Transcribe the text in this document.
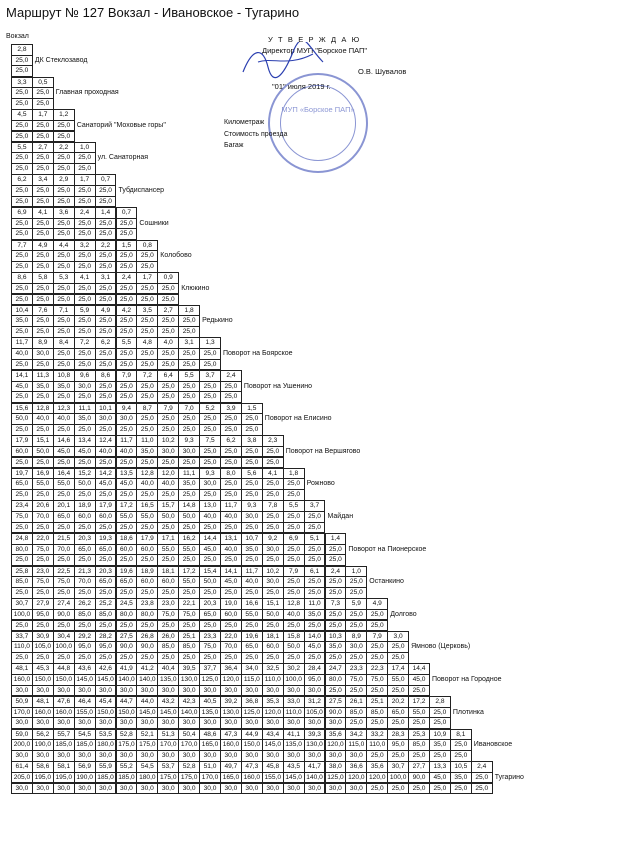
Маршрут № 127 Вокзал - Ивановское - Тугарино
Вокзал	У Т В Е Р Ж Д А Ю
Директор МУП "Борское ПАП"
О.В. Шувалов
"01" июля 2019 г.
МУП «Борское ПАП»
Километраж
Стоимость проезда
Багаж
2,8
25,0
25,0
ДК Стеклозавод
3,3	0,5
25,0	25,0
25,0	25,0
Главная проходная
4,5	1,7	1,2
25,0	25,0	25,0
25,0	25,0	25,0
Санаторий "Моховые горы"
5,5	2,7	2,2	1,0
25,0	25,0	25,0	25,0
25,0	25,0	25,0	25,0
ул. Санаторная
6,2	3,4	2,9	1,7	0,7
25,0	25,0	25,0	25,0	25,0
25,0	25,0	25,0	25,0	25,0
Тубдиспансер
6,9	4,1	3,6	2,4	1,4	0,7
25,0	25,0	25,0	25,0	25,0	25,0
25,0	25,0	25,0	25,0	25,0	25,0
Сошники
7,7	4,9	4,4	3,2	2,2	1,5	0,8
25,0	25,0	25,0	25,0	25,0	25,0	25,0
25,0	25,0	25,0	25,0	25,0	25,0	25,0
Колобово
8,6	5,8	5,3	4,1	3,1	2,4	1,7	0,9
25,0	25,0	25,0	25,0	25,0	25,0	25,0	25,0
25,0	25,0	25,0	25,0	25,0	25,0	25,0	25,0
Клюкино
10,4	7,6	7,1	5,9	4,9	4,2	3,5	2,7	1,8
35,0	25,0	25,0	25,0	25,0	25,0	25,0	25,0	25,0
25,0	25,0	25,0	25,0	25,0	25,0	25,0	25,0	25,0
Редькино
11,7	8,9	8,4	7,2	6,2	5,5	4,8	4,0	3,1	1,3
40,0	30,0	25,0	25,0	25,0	25,0	25,0	25,0	25,0	25,0
25,0	25,0	25,0	25,0	25,0	25,0	25,0	25,0	25,0	25,0
Поворот на Боярское
14,1	11,3	10,8	9,6	8,6	7,9	7,2	6,4	5,5	3,7	2,4
45,0	35,0	35,0	30,0	25,0	25,0	25,0	25,0	25,0	25,0	25,0
25,0	25,0	25,0	25,0	25,0	25,0	25,0	25,0	25,0	25,0	25,0
Поворот на Ушенино
15,6	12,8	12,3	11,1	10,1	9,4	8,7	7,9	7,0	5,2	3,9	1,5
50,0	40,0	40,0	35,0	30,0	30,0	25,0	25,0	25,0	25,0	25,0	25,0
25,0	25,0	25,0	25,0	25,0	25,0	25,0	25,0	25,0	25,0	25,0	25,0
Поворот на Елисино
17,9	15,1	14,6	13,4	12,4	11,7	11,0	10,2	9,3	7,5	6,2	3,8	2,3
60,0	50,0	45,0	45,0	40,0	40,0	35,0	30,0	30,0	25,0	25,0	25,0	25,0
25,0	25,0	25,0	25,0	25,0	25,0	25,0	25,0	25,0	25,0	25,0	25,0	25,0
Поворот на Вершягово
19,7	16,9	16,4	15,2	14,2	13,5	12,8	12,0	11,1	9,3	8,0	5,6	4,1	1,8
65,0	55,0	55,0	50,0	45,0	45,0	40,0	40,0	35,0	30,0	25,0	25,0	25,0	25,0
25,0	25,0	25,0	25,0	25,0	25,0	25,0	25,0	25,0	25,0	25,0	25,0	25,0	25,0
Рожново
23,4	20,6	20,1	18,9	17,9	17,2	16,5	15,7	14,8	13,0	11,7	9,3	7,8	5,5	3,7
75,0	70,0	65,0	60,0	60,0	55,0	55,0	50,0	50,0	40,0	40,0	30,0	25,0	25,0	25,0
25,0	25,0	25,0	25,0	25,0	25,0	25,0	25,0	25,0	25,0	25,0	25,0	25,0	25,0	25,0
Майдан
24,8	22,0	21,5	20,3	19,3	18,6	17,9	17,1	16,2	14,4	13,1	10,7	9,2	6,9	5,1	1,4
80,0	75,0	70,0	65,0	65,0	60,0	60,0	55,0	55,0	45,0	40,0	35,0	30,0	25,0	25,0	25,0
25,0	25,0	25,0	25,0	25,0	25,0	25,0	25,0	25,0	25,0	25,0	25,0	25,0	25,0	25,0	25,0
Поворот на Пионерское
25,8	23,0	22,5	21,3	20,3	19,6	18,9	18,1	17,2	15,4	14,1	11,7	10,2	7,9	6,1	2,4	1,0
85,0	75,0	75,0	70,0	65,0	65,0	60,0	60,0	55,0	50,0	45,0	40,0	30,0	25,0	25,0	25,0	25,0
25,0	25,0	25,0	25,0	25,0	25,0	25,0	25,0	25,0	25,0	25,0	25,0	25,0	25,0	25,0	25,0	25,0
Останкино
30,7	27,9	27,4	26,2	25,2	24,5	23,8	23,0	22,1	20,3	19,0	16,6	15,1	12,8	11,0	7,3	5,9	4,9
100,0 95,0	90,0	85,0	85,0	80,0	80,0	75,0	75,0	65,0	60,0	55,0	50,0	40,0	35,0	25,0	25,0	25,0
25,0	25,0	25,0	25,0	25,0	25,0	25,0	25,0	25,0	25,0	25,0	25,0	25,0	25,0	25,0	25,0	25,0	25,0
Долгово
33,7	30,9	30,4	29,2	28,2	27,5	26,8	26,0	25,1	23,3	22,0	19,6	18,1	15,8	14,0	10,3	8,9	7,9	3,0
110,0 105,0 100,0 95,0	95,0	90,0	90,0	85,0	85,0	75,0	70,0	65,0	60,0	50,0	45,0	35,0	30,0	25,0	25,0
25,0	25,0	25,0	25,0	25,0	25,0	25,0	25,0	25,0	25,0	25,0	25,0	25,0	25,0	25,0	25,0	25,0	25,0	25,0
Ямново (Церковь)
48,1	45,3	44,8	43,6	42,6	41,9	41,2	40,4	39,5	37,7	36,4	34,0	32,5	30,2	28,4	24,7	23,3	22,3	17,4	14,4
160,0 150,0 150,0 145,0 145,0 140,0 140,0 135,0 130,0 125,0 120,0 115,0 110,0 100,0 95,0	80,0	75,0	75,0	55,0	45,0
30,0	30,0	30,0	30,0	30,0	30,0	30,0	30,0	30,0	30,0	30,0	30,0	30,0	30,0	30,0	25,0	25,0	25,0	25,0	25,0
Поворот на Городное
50,9	48,1	47,6	46,4	45,4	44,7	44,0	43,2	42,3	40,5	39,2	36,8	35,3	33,0	31,2	27,5	26,1	25,1	20,2	17,2	2,8
170,0 160,0 160,0 155,0 150,0 150,0 145,0 145,0 140,0 135,0 130,0 125,0 120,0 110,0 105,0 90,0	85,0	85,0	65,0	55,0	25,0
30,0	30,0	30,0	30,0	30,0	30,0	30,0	30,0	30,0	30,0	30,0	30,0	30,0	30,0	30,0	30,0	25,0	25,0	25,0	25,0	25,0
Плотинка
59,0	56,2	55,7	54,5	53,5	52,8	52,1	51,3	50,4	48,6	47,3	44,9	43,4	41,1	39,3	35,6	34,2	33,2	28,3	25,3	10,9	8,1
200,0 190,0 185,0 185,0 180,0 175,0 175,0 170,0 170,0 165,0 160,0 150,0 145,0 135,0 130,0 120,0 115,0 110,0 95,0	85,0	35,0	25,0
30,0	30,0	30,0	30,0	30,0	30,0	30,0	30,0	30,0	30,0	30,0	30,0	30,0	30,0	30,0	30,0	30,0	25,0	25,0	25,0	25,0	25,0
Ивановское
61,4	58,6	58,1	56,9	55,9	55,2	54,5	53,7	52,8	51,0	49,7	47,3	45,8	43,5	41,7	38,0	36,6	35,6	30,7	27,7	13,3	10,5	2,4
205,0 195,0 195,0 190,0 185,0 185,0 180,0 175,0 175,0 170,0 165,0 160,0 155,0 145,0 140,0 125,0 120,0 120,0 100,0 90,0	45,0	35,0	25,0
30,0	30,0	30,0	30,0	30,0	30,0	30,0	30,0	30,0	30,0	30,0	30,0	30,0	30,0	30,0	30,0	30,0	25,0	25,0	25,0	25,0	25,0	25,0
Тугарино
